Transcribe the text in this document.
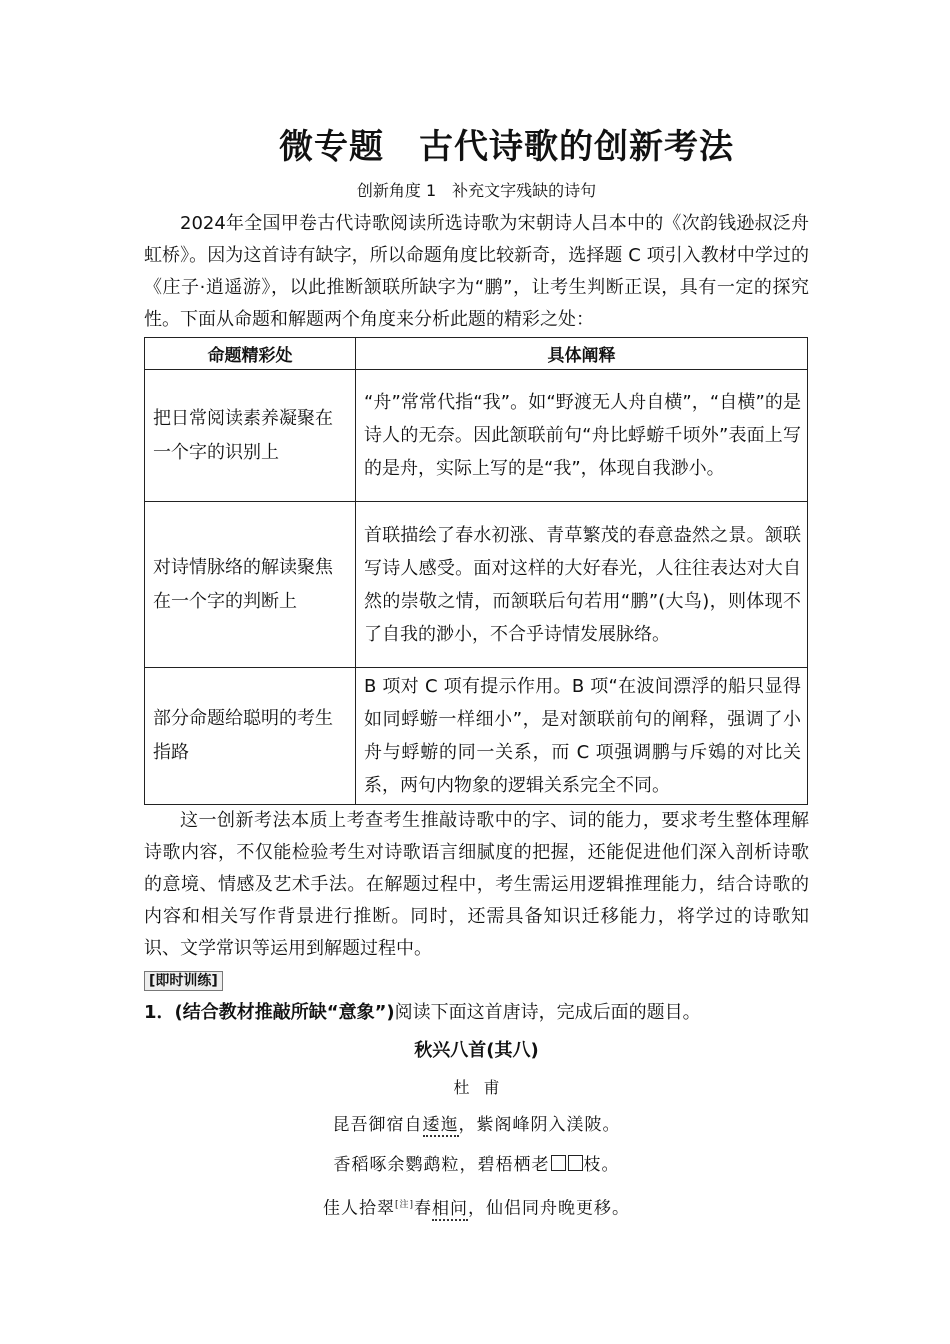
微专题　古代诗歌的创新考法

创新角度 1　补充文字残缺的诗句

2024年全国甲卷古代诗歌阅读所选诗歌为宋朝诗人吕本中的《次韵钱逊叔泛舟虹桥》。因为这首诗有缺字，所以命题角度比较新奇，选择题 C 项引入教材中学过的《庄子·逍遥游》，以此推断颔联所缺字为“鹏”，让考生判断正误，具有一定的探究性。下面从命题和解题两个角度来分析此题的精彩之处：

命题精彩处	具体阐释
把日常阅读素养凝聚在一个字的识别上	“舟”常常代指“我”。如“野渡无人舟自横”，“自横”的是诗人的无奈。因此颔联前句“舟比蜉蝣千顷外”表面上写的是舟，实际上写的是“我”，体现自我渺小。
对诗情脉络的解读聚焦在一个字的判断上	首联描绘了春水初涨、青草繁茂的春意盎然之景。颔联写诗人感受。面对这样的大好春光，人往往表达对大自然的崇敬之情，而颔联后句若用“鹏”(大鸟)，则体现不了自我的渺小，不合乎诗情发展脉络。
部分命题给聪明的考生指路	B 项对 C 项有提示作用。B 项“在波间漂浮的船只显得如同蜉蝣一样细小”，是对颔联前句的阐释，强调了小舟与蜉蝣的同一关系，而 C 项强调鹏与斥鴳的对比关系，两句内物象的逻辑关系完全不同。

这一创新考法本质上考查考生推敲诗歌中的字、词的能力，要求考生整体理解诗歌内容，不仅能检验考生对诗歌语言细腻度的把握，还能促进他们深入剖析诗歌的意境、情感及艺术手法。在解题过程中，考生需运用逻辑推理能力，结合诗歌的内容和相关写作背景进行推断。同时，还需具备知识迁移能力，将学过的诗歌知识、文学常识等运用到解题过程中。

[即时训练]

1．(结合教材推敲所缺“意象”)阅读下面这首唐诗，完成后面的题目。

秋兴八首(其八)

杜甫

昆吾御宿自逶迤，紫阁峰阴入渼陂。

香稻啄余鹦鹉粒，碧梧栖老 枝。

佳人拾翠[注]春相问，仙侣同舟晚更移。
